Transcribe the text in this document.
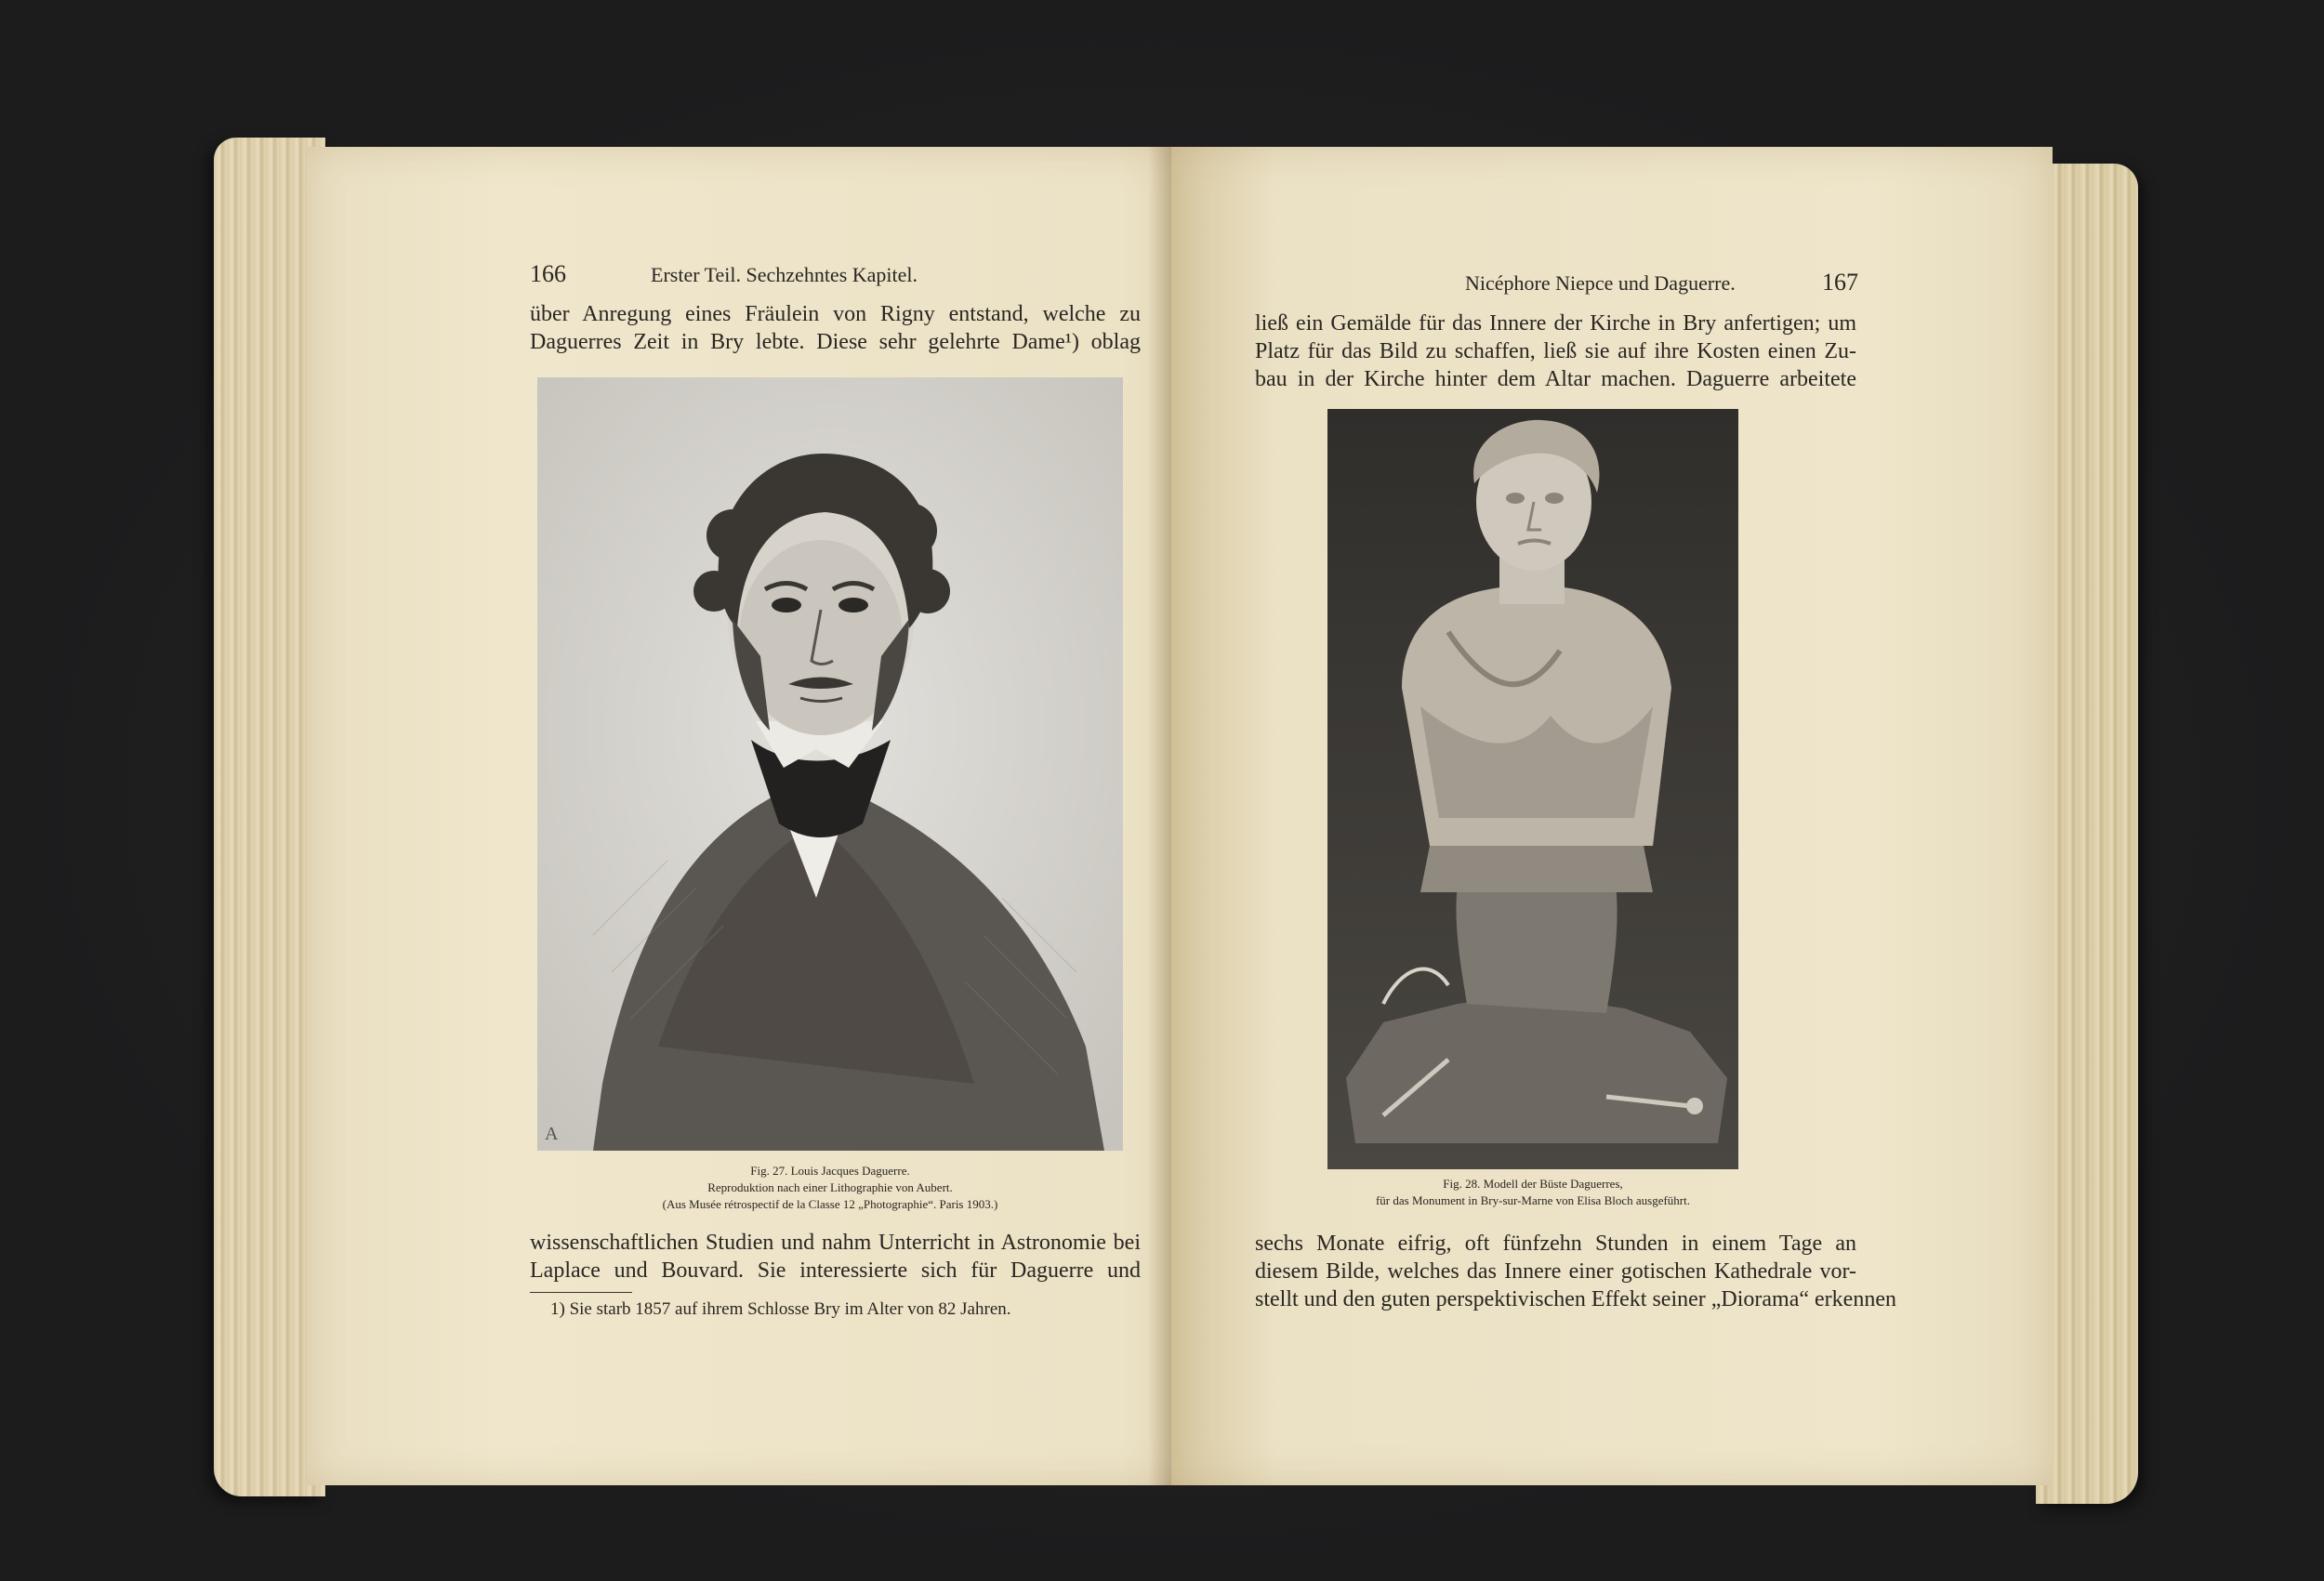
166	Erster Teil. Sechzehntes Kapitel.
über Anregung eines Fräulein von Rigny entstand, welche zu
Daguerres Zeit in Bry lebte. Diese sehr gelehrte Dame¹) oblag
A
Fig. 27. Louis Jacques Daguerre.
Reproduktion nach einer Lithographie von Aubert.
(Aus Musée rétrospectif de la Classe 12 „Photographie“. Paris 1903.)
wissenschaftlichen Studien und nahm Unterricht in Astronomie bei
Laplace und Bouvard. Sie interessierte sich für Daguerre und
1) Sie starb 1857 auf ihrem Schlosse Bry im Alter von 82 Jahren.
Nicéphore Niepce und Daguerre.	167
ließ ein Gemälde für das Innere der Kirche in Bry anfertigen; um
Platz für das Bild zu schaffen, ließ sie auf ihre Kosten einen Zu-
bau in der Kirche hinter dem Altar machen. Daguerre arbeitete
Fig. 28. Modell der Büste Daguerres,
für das Monument in Bry-sur-Marne von Elisa Bloch ausgeführt.
sechs Monate eifrig, oft fünfzehn Stunden in einem Tage an
diesem Bilde, welches das Innere einer gotischen Kathedrale vor-
stellt und den guten perspektivischen Effekt seiner „Diorama“ erkennen
